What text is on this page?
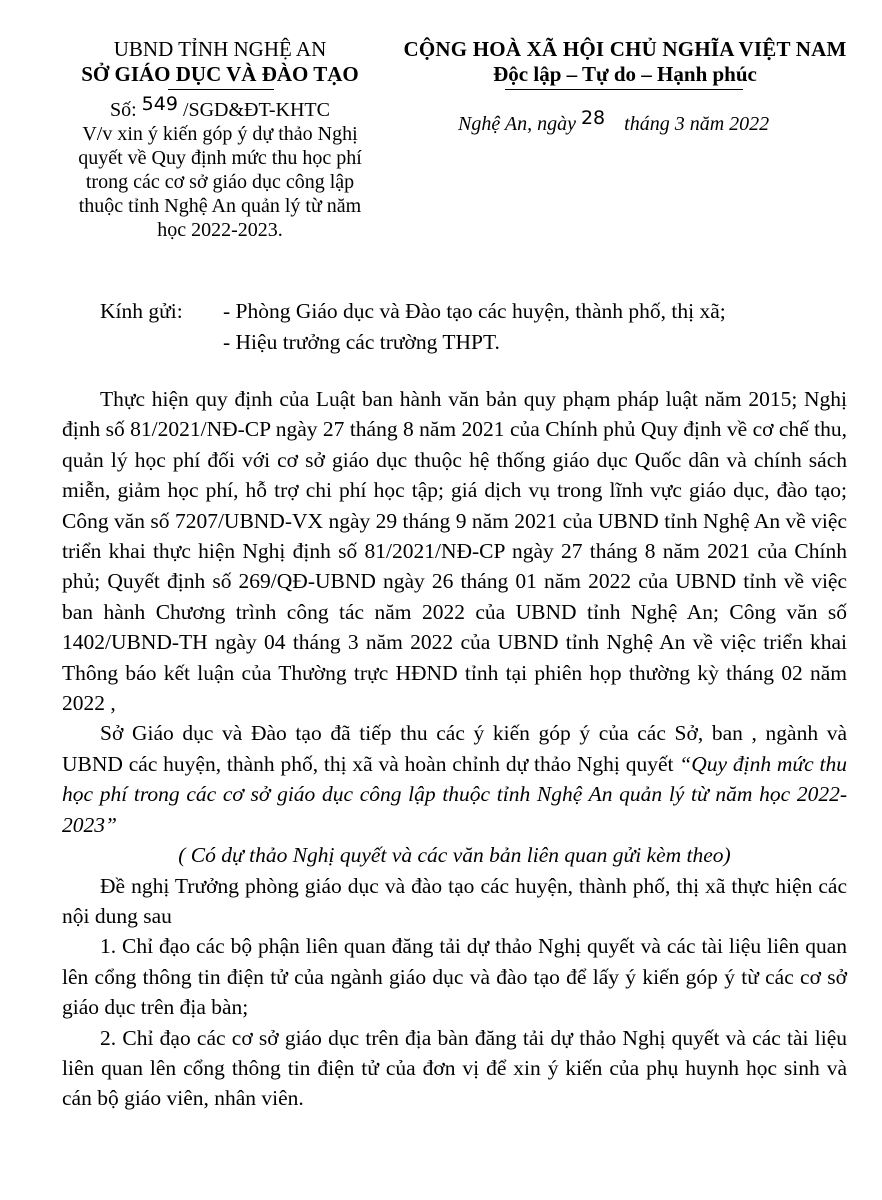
UBND TỈNH NGHỆ AN
SỞ GIÁO DỤC VÀ ĐÀO TẠO
Số: 549 /SGD&ĐT-KHTC
V/v xin ý kiến góp ý dự thảo Nghị
quyết về Quy định mức thu học phí
trong các cơ sở giáo dục công lập
thuộc tỉnh Nghệ An quản lý từ năm
học 2022-2023.
CỘNG HOÀ XÃ HỘI CHỦ NGHĨA VIỆT NAM
Độc lập – Tự do – Hạnh phúc
Nghệ An, ngày 28 tháng 3 năm 2022
Kính gửi: - Phòng Giáo dục và Đào tạo các huyện, thành phố, thị xã;
- Hiệu trưởng các trường THPT.

Thực hiện quy định của Luật ban hành văn bản quy phạm pháp luật năm 2015; Nghị định số 81/2021/NĐ-CP ngày 27 tháng 8 năm 2021 của Chính phủ Quy định về cơ chế thu, quản lý học phí đối với cơ sở giáo dục thuộc hệ thống giáo dục Quốc dân và chính sách miễn, giảm học phí, hỗ trợ chi phí học tập; giá dịch vụ trong lĩnh vực giáo dục, đào tạo; Công văn số 7207/UBND-VX ngày 29 tháng 9 năm 2021 của UBND tỉnh Nghệ An về việc triển khai thực hiện Nghị định số 81/2021/NĐ-CP ngày 27 tháng 8 năm 2021 của Chính phủ; Quyết định số 269/QĐ-UBND ngày 26 tháng 01 năm 2022 của UBND tỉnh về việc ban hành Chương trình công tác năm 2022 của UBND tỉnh Nghệ An; Công văn số 1402/UBND-TH ngày 04 tháng 3 năm 2022 của UBND tỉnh Nghệ An về việc triển khai Thông báo kết luận của Thường trực HĐND tỉnh tại phiên họp thường kỳ tháng 02 năm 2022 ,

Sở Giáo dục và Đào tạo đã tiếp thu các ý kiến góp ý của các Sở, ban , ngành và UBND các huyện, thành phố, thị xã và hoàn chỉnh dự thảo Nghị quyết “Quy định mức thu học phí trong các cơ sở giáo dục công lập thuộc tỉnh Nghệ An quản lý từ năm học 2022-2023”

( Có dự thảo Nghị quyết và các văn bản liên quan gửi kèm theo)

Đề nghị Trưởng phòng giáo dục và đào tạo các huyện, thành phố, thị xã thực hiện các nội dung sau

1. Chỉ đạo các bộ phận liên quan đăng tải dự thảo Nghị quyết và các tài liệu liên quan lên cổng thông tin điện tử của ngành giáo dục và đào tạo để lấy ý kiến góp ý từ các cơ sở giáo dục trên địa bàn;

2. Chỉ đạo các cơ sở giáo dục trên địa bàn đăng tải dự thảo Nghị quyết và các tài liệu liên quan lên cổng thông tin điện tử của đơn vị để xin ý kiến của phụ huynh học sinh và cán bộ giáo viên, nhân viên.
